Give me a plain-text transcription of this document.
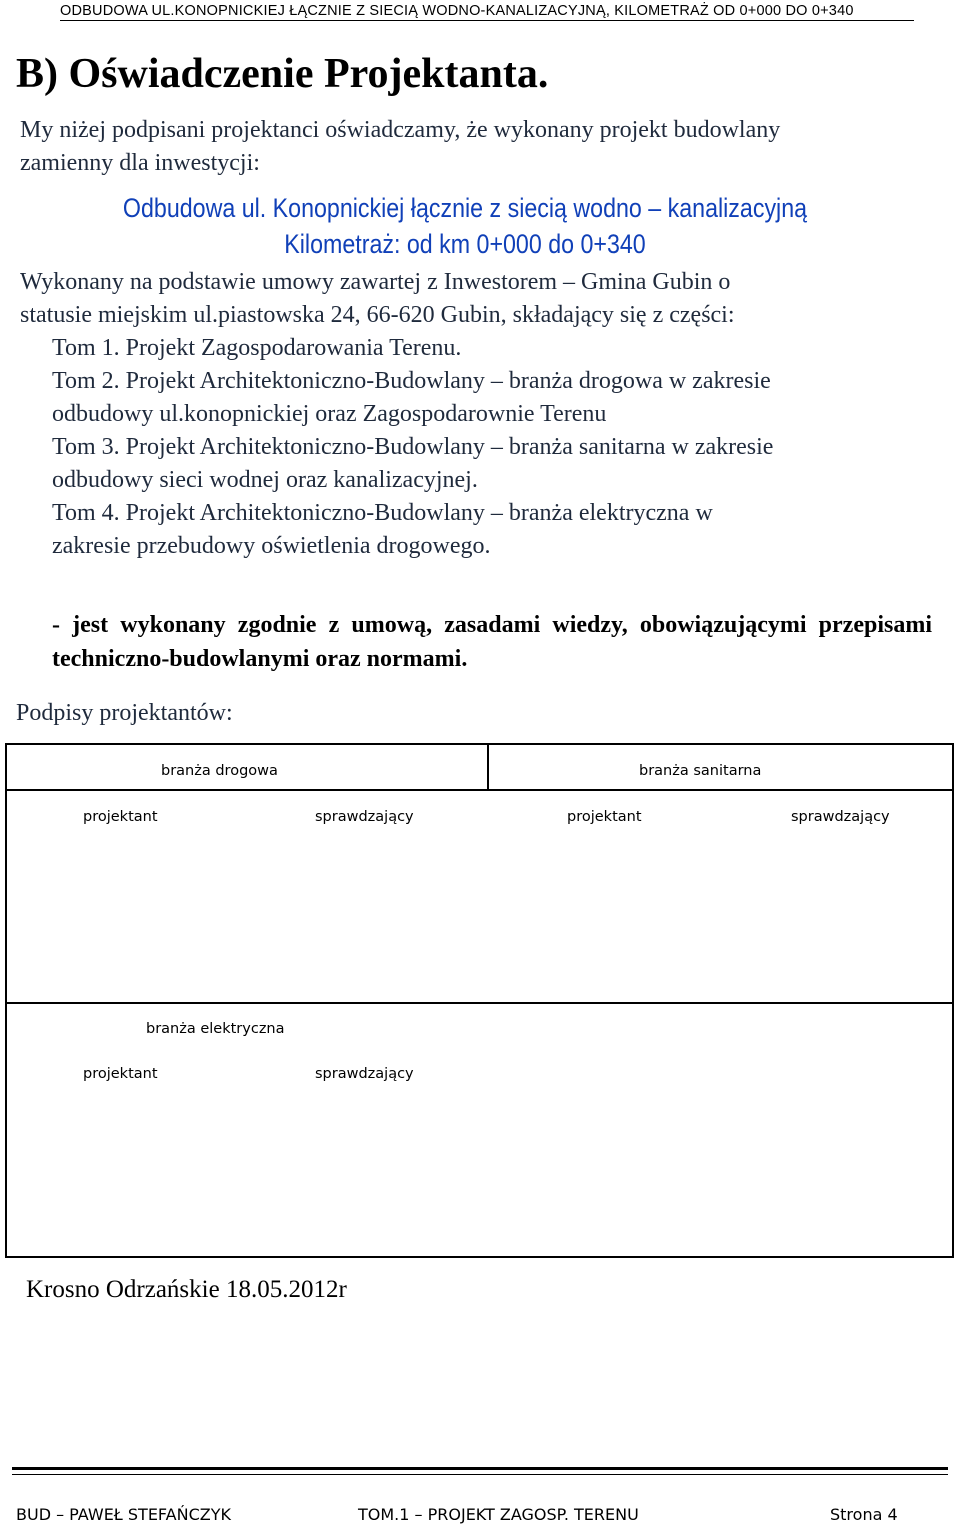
ODBUDOWA UL.KONOPNICKIEJ ŁĄCZNIE Z SIECIĄ WODNO-KANALIZACYJNĄ, KILOMETRAŻ OD 0+000 DO 0+340
B) Oświadczenie Projektanta.
My niżej podpisani projektanci oświadczamy, że wykonany projekt budowlany
zamienny dla inwestycji:
Odbudowa ul. Konopnickiej łącznie z siecią wodno – kanalizacyjną
Kilometraż: od km 0+000 do 0+340
Wykonany na podstawie umowy zawartej z Inwestorem – Gmina Gubin o
statusie miejskim ul.piastowska 24, 66-620 Gubin, składający się z części:
Tom 1. Projekt Zagospodarowania Terenu.
Tom 2. Projekt Architektoniczno-Budowlany – branża drogowa w zakresie
odbudowy ul.konopnickiej oraz Zagospodarownie Terenu
Tom 3. Projekt Architektoniczno-Budowlany – branża sanitarna w zakresie
odbudowy sieci wodnej oraz kanalizacyjnej.
Tom 4. Projekt Architektoniczno-Budowlany – branża elektryczna w
zakresie przebudowy oświetlenia drogowego.
- jest wykonany zgodnie z umową, zasadami wiedzy, obowiązującymi przepisami techniczno-budowlanymi oraz normami.
Podpisy projektantów:
branża drogowa	branża sanitarna
projektant	sprawdzający	projektant	sprawdzający
branża elektryczna
projektant	sprawdzający
Krosno Odrzańskie 18.05.2012r
BUD – PAWEŁ STEFAŃCZYK	TOM.1 – PROJEKT ZAGOSP. TERENU	Strona 4
